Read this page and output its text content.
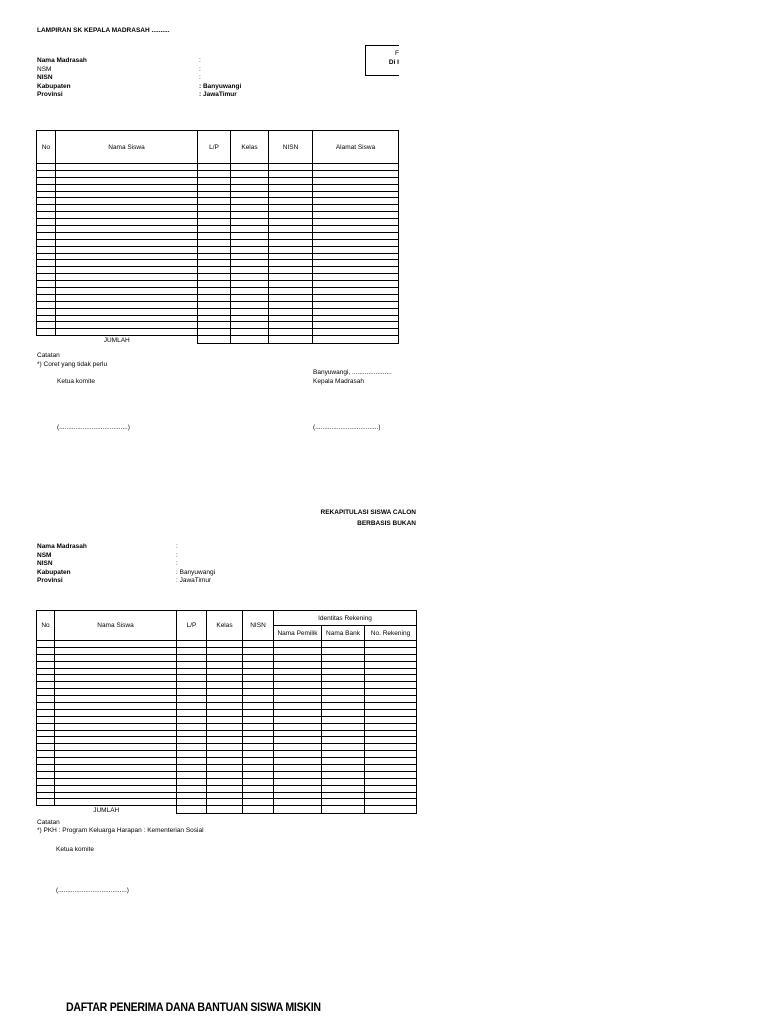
LAMPIRAN SK KEPALA MADRASAH ..........
F
Di I
Nama Madrasah	:
NSM	:
NISN	:
Kabupaten	: Banyuwangi
Provinsi	: JawaTimur
No	Nama Siswa	L/P	Kelas	NISN	Alamat Siswa

JUMLAH					
Catatan
*) Coret yang tidak perlu
Banyuwangi, ......................
Ketua komite	Kepala Madrasah
(......................................)	(...................................)
REKAPITULASI SISWA CALON
BERBASIS BUKAN
Nama Madrasah	:
NSM	:
NISN	:
Kabupaten	: Banyuwangi
Provinsi	: JawaTimur
No	Nama Siswa	L/P	Kelas	NISN	Identitas Rekening		
					Nama Pemilik	Nama Bank	No. Rekening

JUMLAH							
Catatan
*) PKH : Program Keluarga Harapan : Kementerian Sosial
Ketua komite
(......................................)
DAFTAR PENERIMA DANA BANTUAN SISWA MISKIN
